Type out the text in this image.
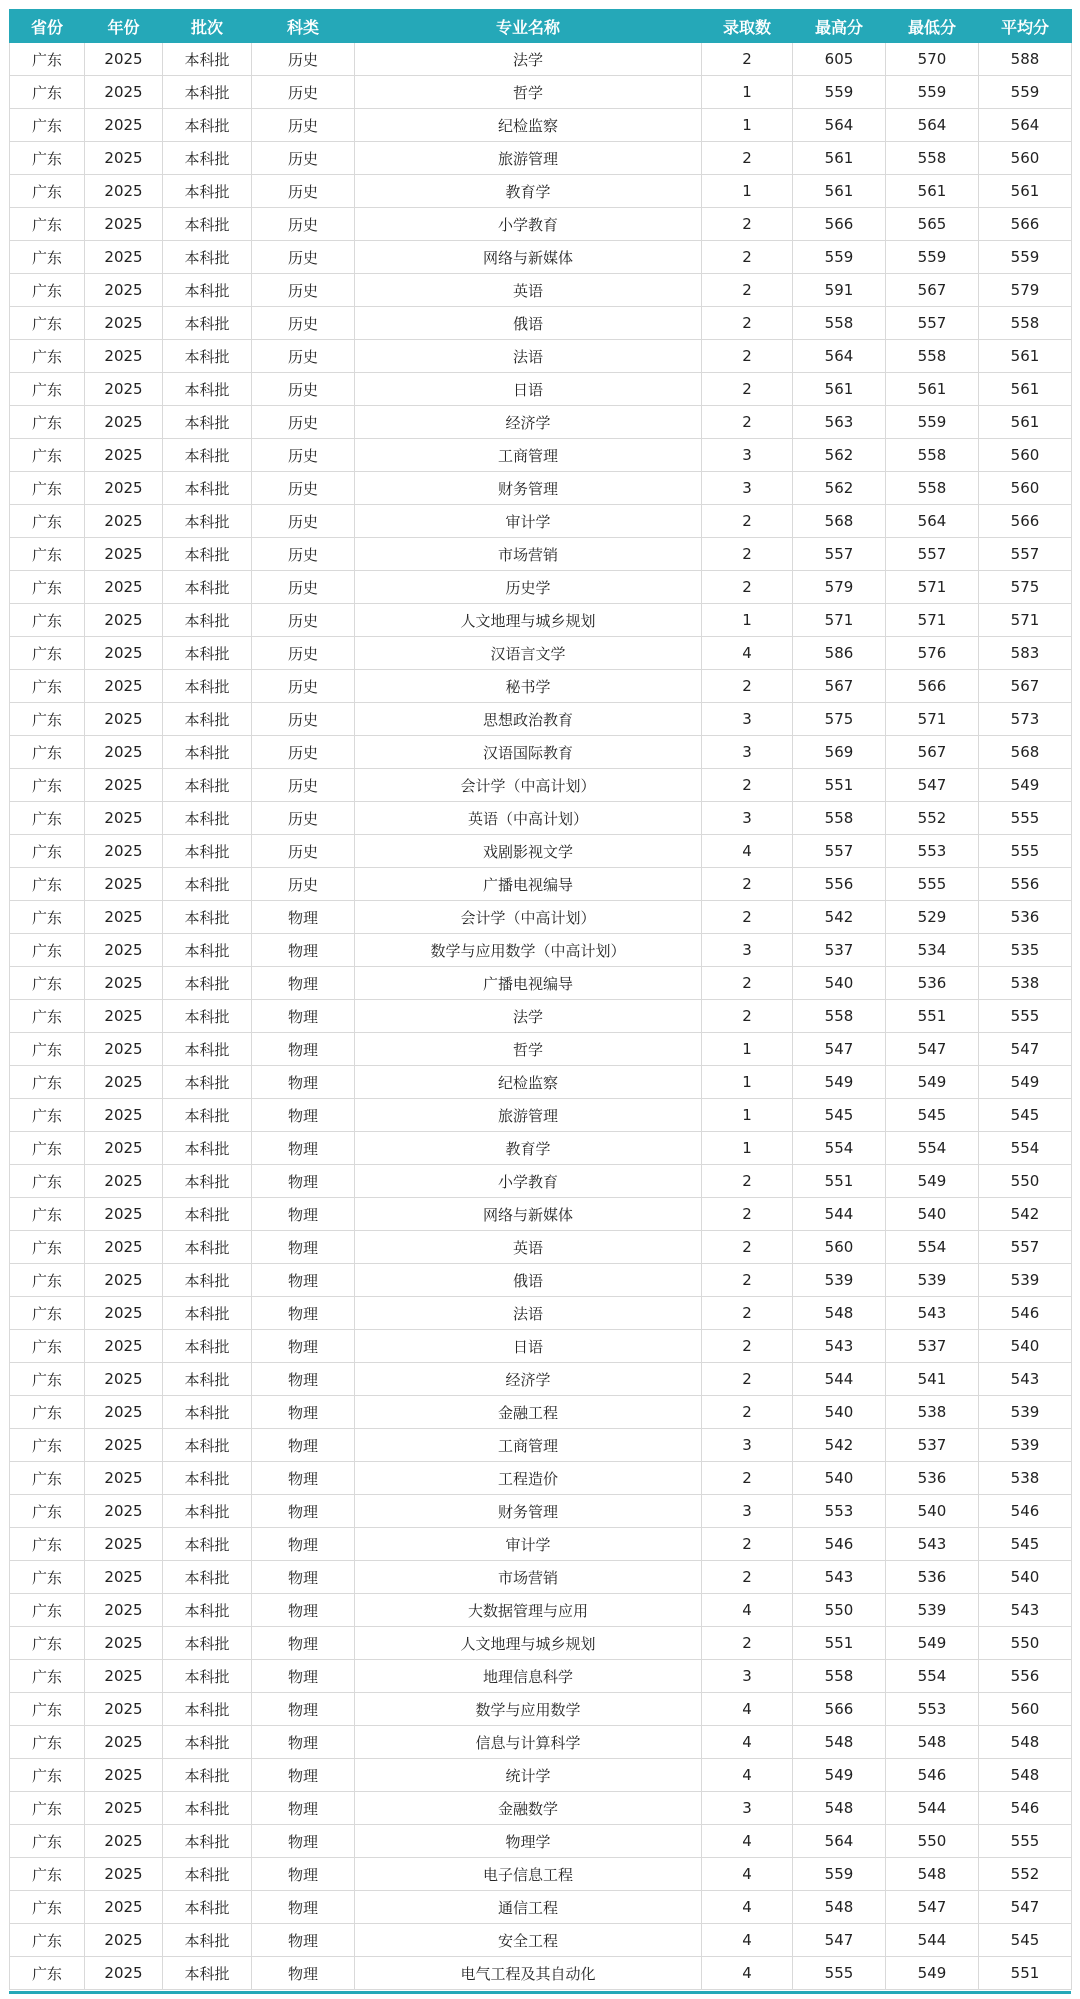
省份	年份	批次	科类	专业名称	录取数	最高分	最低分	平均分
广东	2025	本科批	历史	法学	2	605	570	588
广东	2025	本科批	历史	哲学	1	559	559	559
广东	2025	本科批	历史	纪检监察	1	564	564	564
广东	2025	本科批	历史	旅游管理	2	561	558	560
广东	2025	本科批	历史	教育学	1	561	561	561
广东	2025	本科批	历史	小学教育	2	566	565	566
广东	2025	本科批	历史	网络与新媒体	2	559	559	559
广东	2025	本科批	历史	英语	2	591	567	579
广东	2025	本科批	历史	俄语	2	558	557	558
广东	2025	本科批	历史	法语	2	564	558	561
广东	2025	本科批	历史	日语	2	561	561	561
广东	2025	本科批	历史	经济学	2	563	559	561
广东	2025	本科批	历史	工商管理	3	562	558	560
广东	2025	本科批	历史	财务管理	3	562	558	560
广东	2025	本科批	历史	审计学	2	568	564	566
广东	2025	本科批	历史	市场营销	2	557	557	557
广东	2025	本科批	历史	历史学	2	579	571	575
广东	2025	本科批	历史	人文地理与城乡规划	1	571	571	571
广东	2025	本科批	历史	汉语言文学	4	586	576	583
广东	2025	本科批	历史	秘书学	2	567	566	567
广东	2025	本科批	历史	思想政治教育	3	575	571	573
广东	2025	本科批	历史	汉语国际教育	3	569	567	568
广东	2025	本科批	历史	会计学（中高计划）	2	551	547	549
广东	2025	本科批	历史	英语（中高计划）	3	558	552	555
广东	2025	本科批	历史	戏剧影视文学	4	557	553	555
广东	2025	本科批	历史	广播电视编导	2	556	555	556
广东	2025	本科批	物理	会计学（中高计划）	2	542	529	536
广东	2025	本科批	物理	数学与应用数学（中高计划）	3	537	534	535
广东	2025	本科批	物理	广播电视编导	2	540	536	538
广东	2025	本科批	物理	法学	2	558	551	555
广东	2025	本科批	物理	哲学	1	547	547	547
广东	2025	本科批	物理	纪检监察	1	549	549	549
广东	2025	本科批	物理	旅游管理	1	545	545	545
广东	2025	本科批	物理	教育学	1	554	554	554
广东	2025	本科批	物理	小学教育	2	551	549	550
广东	2025	本科批	物理	网络与新媒体	2	544	540	542
广东	2025	本科批	物理	英语	2	560	554	557
广东	2025	本科批	物理	俄语	2	539	539	539
广东	2025	本科批	物理	法语	2	548	543	546
广东	2025	本科批	物理	日语	2	543	537	540
广东	2025	本科批	物理	经济学	2	544	541	543
广东	2025	本科批	物理	金融工程	2	540	538	539
广东	2025	本科批	物理	工商管理	3	542	537	539
广东	2025	本科批	物理	工程造价	2	540	536	538
广东	2025	本科批	物理	财务管理	3	553	540	546
广东	2025	本科批	物理	审计学	2	546	543	545
广东	2025	本科批	物理	市场营销	2	543	536	540
广东	2025	本科批	物理	大数据管理与应用	4	550	539	543
广东	2025	本科批	物理	人文地理与城乡规划	2	551	549	550
广东	2025	本科批	物理	地理信息科学	3	558	554	556
广东	2025	本科批	物理	数学与应用数学	4	566	553	560
广东	2025	本科批	物理	信息与计算科学	4	548	548	548
广东	2025	本科批	物理	统计学	4	549	546	548
广东	2025	本科批	物理	金融数学	3	548	544	546
广东	2025	本科批	物理	物理学	4	564	550	555
广东	2025	本科批	物理	电子信息工程	4	559	548	552
广东	2025	本科批	物理	通信工程	4	548	547	547
广东	2025	本科批	物理	安全工程	4	547	544	545
广东	2025	本科批	物理	电气工程及其自动化	4	555	549	551
